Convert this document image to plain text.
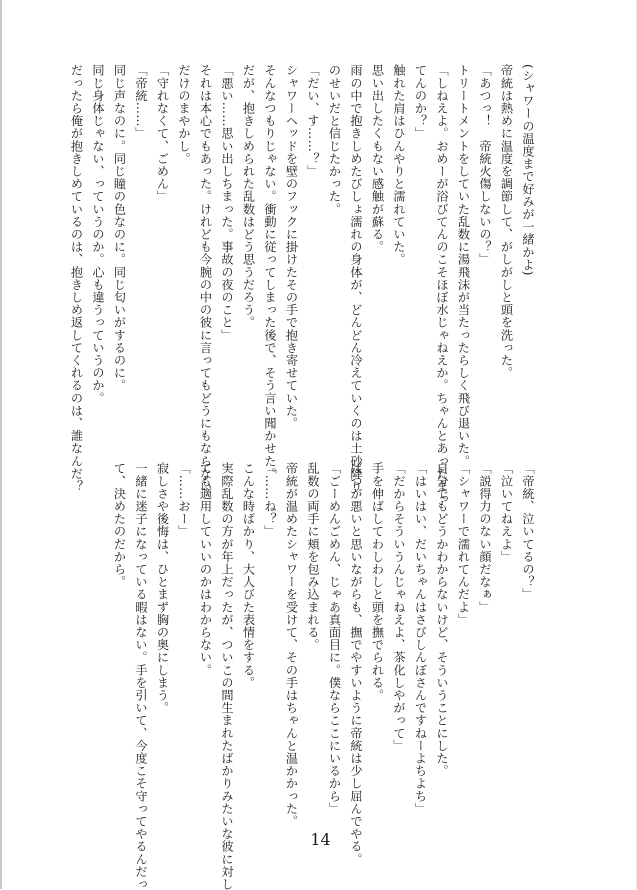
(シャワーの温度まで好みが一緒かよ)
帝統は熱めに温度を調節して、がしがしと頭を洗った。
「あつっ！　帝統火傷しないの？」
トリートメントをしていた乱数に湯飛沫が当たったらしく飛び退いた。
「しねえよ。おめーが浴びてんのこそほぼ水じゃねえか。ちゃんとあったまっ
てんのか？」
触れた肩はひんやりと濡れていた。
思い出したくもない感触が蘇る。
雨の中で抱きしめたびしょ濡れの身体が、どんどん冷えていくのは土砂降り
のせいだと信じたかった。
「だい、す……？」
シャワーヘッドを壁のフックに掛けたその手で抱き寄せていた。
そんなつもりじゃない。衝動に従ってしまった後で、そう言い聞かせた。
だが、抱きしめられた乱数はどう思うだろう。
「悪い……思い出しちまった。事故の夜のこと」
それは本心でもあった。けれども今腕の中の彼に言ってもどうにもならない
だけのまやかし。
「守れなくて、ごめん」
「帝統……」
同じ声なのに。同じ瞳の色なのに。同じ匂いがするのに。
同じ身体じゃない、っていうのか。心も違うっていうのか。
だったら俺が抱きしめているのは、抱きしめ返してくれるのは、誰なんだ？
「帝統、泣いてるの？」
「泣いてねえよ」
「説得力のない顔だなぁ」
「シャワーで濡れてんだよ」
自分でもどうかわからないけど、そういうことにした。
「はいはい、だいちゃんはさびしんぼさんですねーよちよち」
「だからそういうんじゃねえよ、茶化しやがって」
手を伸ばしてわしわしと頭を撫でられる。
ばつが悪いと思いながらも、撫でやすいように帝統は少し屈んでやる。
「ごーめんごめん、じゃあ真面目に。僕ならここにいるから」
乱数の両手に頬を包み込まれる。
帝統が温めたシャワーを受けて、その手はちゃんと温かかった。
「……ね？」
こんな時ばかり、大人びた表情をする。
実際乱数の方が年上だったが、ついこの間生まれたばかりみたいな彼に対し
ても適用していいのかはわからない。
「……おー」
寂しさや後悔は、ひとまず胸の奥にしまう。
一緒に迷子になっている暇はない。手を引いて、今度こそ守ってやるんだっ
て、決めたのだから。
14
